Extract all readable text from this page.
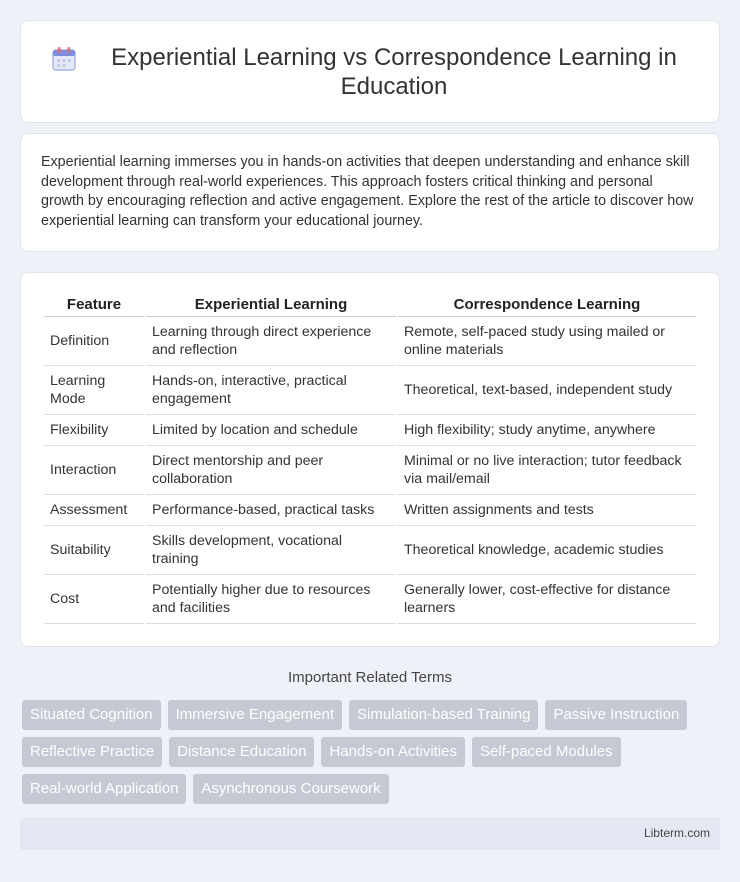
Experiential Learning vs Correspondence Learning in Education
Experiential learning immerses you in hands-on activities that deepen understanding and enhance skill development through real-world experiences. This approach fosters critical thinking and personal growth by encouraging reflection and active engagement. Explore the rest of the article to discover how experiential learning can transform your educational journey.
Feature	Experiential Learning	Correspondence Learning
Definition	Learning through direct experience and reflection	Remote, self-paced study using mailed or online materials
Learning Mode	Hands-on, interactive, practical engagement	Theoretical, text-based, independent study
Flexibility	Limited by location and schedule	High flexibility; study anytime, anywhere
Interaction	Direct mentorship and peer collaboration	Minimal or no live interaction; tutor feedback via mail/email
Assessment	Performance-based, practical tasks	Written assignments and tests
Suitability	Skills development, vocational training	Theoretical knowledge, academic studies
Cost	Potentially higher due to resources and facilities	Generally lower, cost-effective for distance learners
Important Related Terms
Situated Cognition	Immersive Engagement	Simulation-based Training	Passive Instruction
Reflective Practice	Distance Education	Hands-on Activities	Self-paced Modules
Real-world Application	Asynchronous Coursework
Libterm.com
